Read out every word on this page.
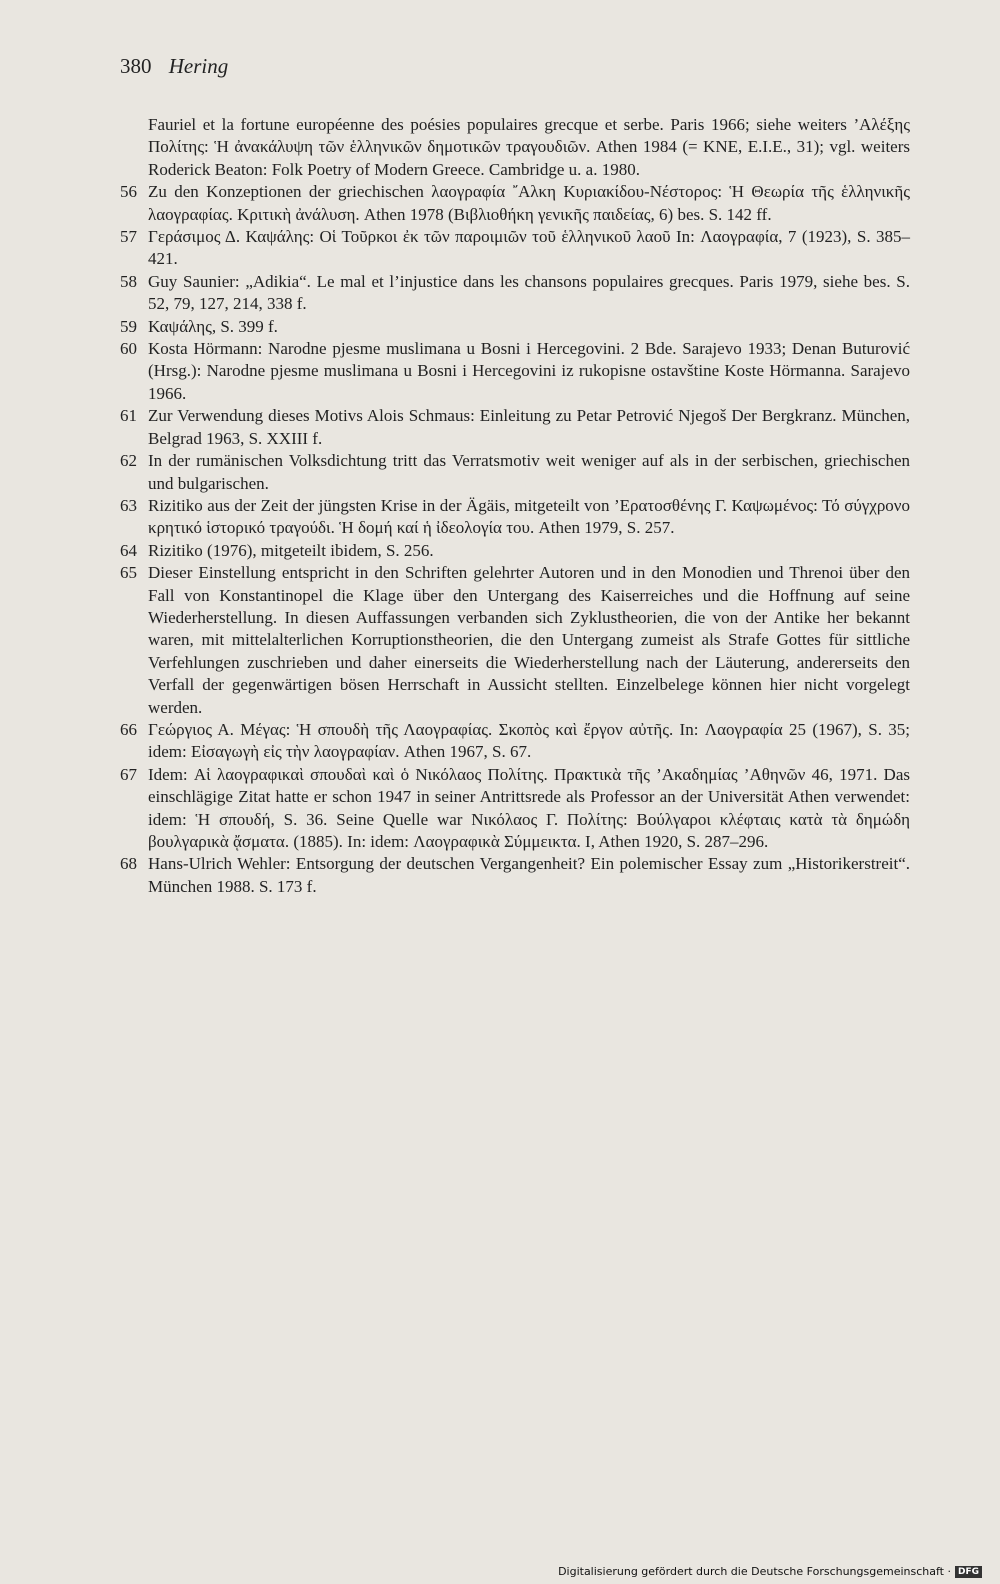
380 Hering
Fauriel et la fortune européenne des poésies populaires grecque et serbe. Paris 1966; siehe weiters ’Αλέξης Πολίτης: Ἡ ἀνακάλυψη τῶν ἑλληνικῶν δημοτικῶν τραγουδιῶν. Athen 1984 (= KNE, E.I.E., 31); vgl. weiters Roderick Beaton: Folk Poetry of Modern Greece. Cambridge u. a. 1980.
56 Zu den Konzeptionen der griechischen λαογραφία ῎Αλκη Κυριακίδου-Νέστορος: Ἡ Θεωρία τῆς ἑλληνικῆς λαογραφίας. Κριτικὴ ἀνάλυση. Athen 1978 (Βιβλιοθήκη γενικῆς παιδείας, 6) bes. S. 142 ff.
57 Γεράσιμος Δ. Καψάλης: Οἱ Τοῦρκοι ἐκ τῶν παροιμιῶν τοῦ ἑλληνικοῦ λαοῦ In: Λαογραφία, 7 (1923), S. 385–421.
58 Guy Saunier: „Adikia“. Le mal et l’injustice dans les chansons populaires grecques. Paris 1979, siehe bes. S. 52, 79, 127, 214, 338 f.
59 Καψάλης, S. 399 f.
60 Kosta Hörmann: Narodne pjesme muslimana u Bosni i Hercegovini. 2 Bde. Sarajevo 1933; Denan Buturović (Hrsg.): Narodne pjesme muslimana u Bosni i Hercegovini iz rukopisne ostavštine Koste Hörmanna. Sarajevo 1966.
61 Zur Verwendung dieses Motivs Alois Schmaus: Einleitung zu Petar Petrović Njegoš Der Bergkranz. München, Belgrad 1963, S. XXIII f.
62 In der rumänischen Volksdichtung tritt das Verratsmotiv weit weniger auf als in der serbischen, griechischen und bulgarischen.
63 Rizitiko aus der Zeit der jüngsten Krise in der Ägäis, mitgeteilt von ’Ερατοσθένης Γ. Καψωμένος: Τό σύγχρονο κρητικό ἱστορικό τραγούδι. Ἡ δομή καί ἡ ἰδεολογία του. Athen 1979, S. 257.
64 Rizitiko (1976), mitgeteilt ibidem, S. 256.
65 Dieser Einstellung entspricht in den Schriften gelehrter Autoren und in den Monodien und Threnoi über den Fall von Konstantinopel die Klage über den Untergang des Kaiserreiches und die Hoffnung auf seine Wiederherstellung. In diesen Auffassungen verbanden sich Zyklustheorien, die von der Antike her bekannt waren, mit mittelalterlichen Korruptionstheorien, die den Untergang zumeist als Strafe Gottes für sittliche Verfehlungen zuschrieben und daher einerseits die Wiederherstellung nach der Läuterung, andererseits den Verfall der gegenwärtigen bösen Herrschaft in Aussicht stellten. Einzelbelege können hier nicht vorgelegt werden.
66 Γεώργιος Α. Μέγας: Ἡ σπουδὴ τῆς Λαογραφίας. Σκοπὸς καὶ ἔργον αὐτῆς. In: Λαογραφία 25 (1967), S. 35; idem: Εἰσαγωγὴ εἰς τὴν λαογραφίαν. Athen 1967, S. 67.
67 Idem: Αἱ λαογραφικαὶ σπουδαὶ καὶ ὁ Νικόλαος Πολίτης. Πρακτικὰ τῆς ’Ακαδημίας ’Αθηνῶν 46, 1971. Das einschlägige Zitat hatte er schon 1947 in seiner Antrittsrede als Professor an der Universität Athen verwendet: idem: Ἡ σπουδή, S. 36. Seine Quelle war Νικόλαος Γ. Πολίτης: Βούλγαροι κλέφταις κατὰ τὰ δημώδη βουλγαρικὰ ᾄσματα. (1885). In: idem: Λαογραφικὰ Σύμμεικτα. I, Athen 1920, S. 287–296.
68 Hans-Ulrich Wehler: Entsorgung der deutschen Vergangenheit? Ein polemischer Essay zum „Historikerstreit“. München 1988. S. 173 f.
Digitalisierung gefördert durch die Deutsche Forschungsgemeinschaft · DFG
